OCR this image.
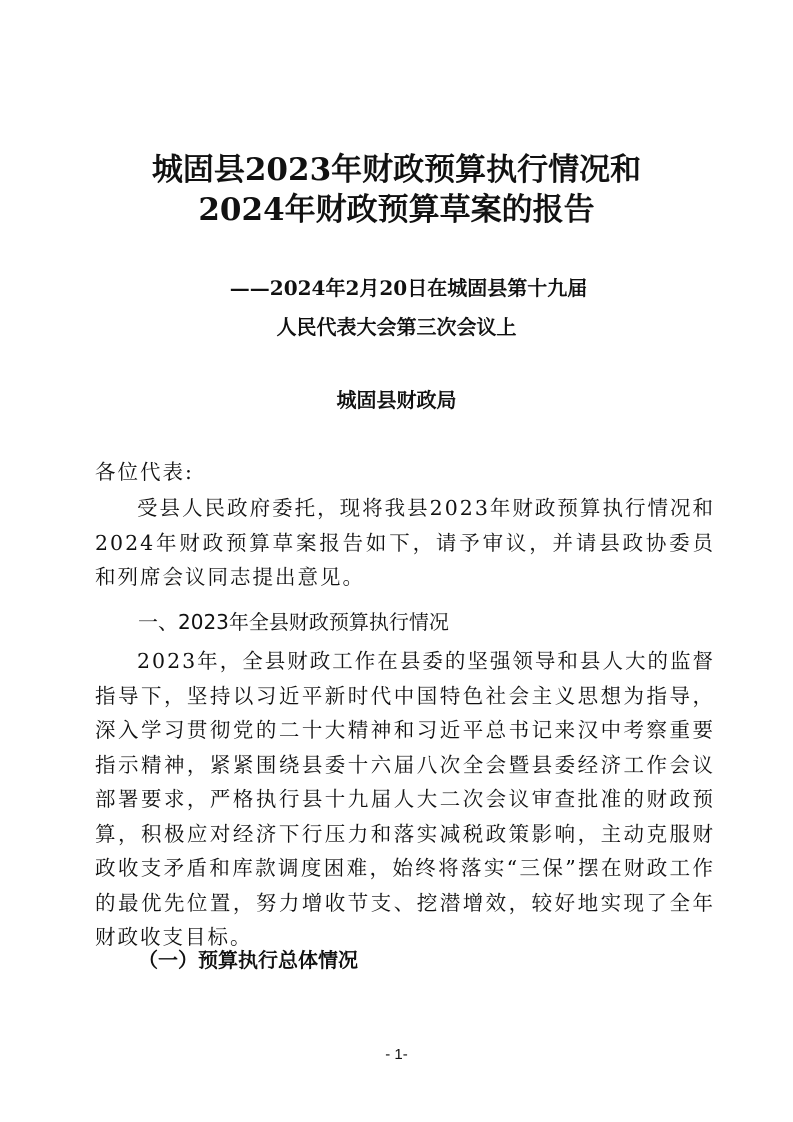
城固县2023年财政预算执行情况和
2024年财政预算草案的报告
——2024年2月20日在城固县第十九届
人民代表大会第三次会议上
城固县财政局
各位代表:
受县人民政府委托，现将我县2023年财政预算执行情况和2024年财政预算草案报告如下，请予审议，并请县政协委员和列席会议同志提出意见。
一、2023年全县财政预算执行情况
2023年，全县财政工作在县委的坚强领导和县人大的监督指导下，坚持以习近平新时代中国特色社会主义思想为指导，深入学习贯彻党的二十大精神和习近平总书记来汉中考察重要指示精神，紧紧围绕县委十六届八次全会暨县委经济工作会议部署要求，严格执行县十九届人大二次会议审查批准的财政预算，积极应对经济下行压力和落实减税政策影响，主动克服财政收支矛盾和库款调度困难，始终将落实“三保”摆在财政工作的最优先位置，努力增收节支、挖潜增效，较好地实现了全年财政收支目标。
（一）预算执行总体情况
- 1-
